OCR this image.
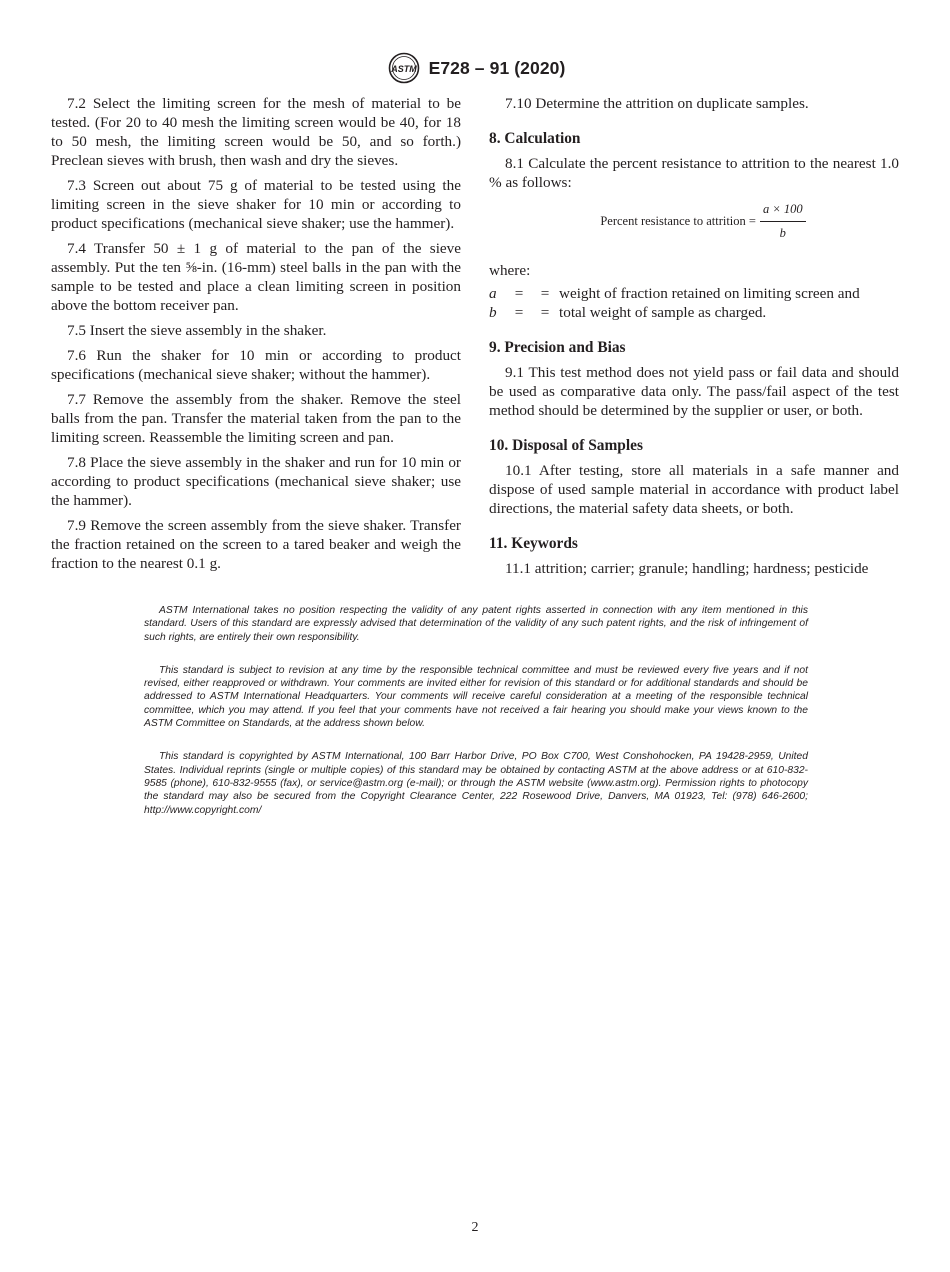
ASTM E728 – 91 (2020)

7.2 Select the limiting screen for the mesh of material to be tested. (For 20 to 40 mesh the limiting screen would be 40, for 18 to 50 mesh, the limiting screen would be 50, and so forth.) Preclean sieves with brush, then wash and dry the sieves.

7.3 Screen out about 75 g of material to be tested using the limiting screen in the sieve shaker for 10 min or according to product specifications (mechanical sieve shaker; use the hammer).

7.4 Transfer 50 ± 1 g of material to the pan of the sieve assembly. Put the ten ⅝-in. (16-mm) steel balls in the pan with the sample to be tested and place a clean limiting screen in position above the bottom receiver pan.

7.5 Insert the sieve assembly in the shaker.

7.6 Run the shaker for 10 min or according to product specifications (mechanical sieve shaker; without the hammer).

7.7 Remove the assembly from the shaker. Remove the steel balls from the pan. Transfer the material taken from the pan to the limiting screen. Reassemble the limiting screen and pan.

7.8 Place the sieve assembly in the shaker and run for 10 min or according to product specifications (mechanical sieve shaker; use the hammer).

7.9 Remove the screen assembly from the sieve shaker. Transfer the fraction retained on the screen to a tared beaker and weigh the fraction to the nearest 0.1 g.

7.10 Determine the attrition on duplicate samples.

8. Calculation

8.1 Calculate the percent resistance to attrition to the nearest 1.0 % as follows:

Percent resistance to attrition = $\frac{a \times 100}{b}$
where:
a	=	=	weight of fraction retained on limiting screen and
b	=	=	total weight of sample as charged.
9. Precision and Bias

9.1 This test method does not yield pass or fail data and should be used as comparative data only. The pass/fail aspect of the test method should be determined by the supplier or user, or both.

10. Disposal of Samples

10.1 After testing, store all materials in a safe manner and dispose of used sample material in accordance with product label directions, the material safety data sheets, or both.

11. Keywords

11.1 attrition; carrier; granule; handling; hardness; pesticide

ASTM International takes no position respecting the validity of any patent rights asserted in connection with any item mentioned in this standard. Users of this standard are expressly advised that determination of the validity of any such patent rights, and the risk of infringement of such rights, are entirely their own responsibility.

This standard is subject to revision at any time by the responsible technical committee and must be reviewed every five years and if not revised, either reapproved or withdrawn. Your comments are invited either for revision of this standard or for additional standards and should be addressed to ASTM International Headquarters. Your comments will receive careful consideration at a meeting of the responsible technical committee, which you may attend. If you feel that your comments have not received a fair hearing you should make your views known to the ASTM Committee on Standards, at the address shown below.

This standard is copyrighted by ASTM International, 100 Barr Harbor Drive, PO Box C700, West Conshohocken, PA 19428-2959, United States. Individual reprints (single or multiple copies) of this standard may be obtained by contacting ASTM at the above address or at 610-832-9585 (phone), 610-832-9555 (fax), or service@astm.org (e-mail); or through the ASTM website (www.astm.org). Permission rights to photocopy the standard may also be secured from the Copyright Clearance Center, 222 Rosewood Drive, Danvers, MA 01923, Tel: (978) 646-2600; http://www.copyright.com/

2
